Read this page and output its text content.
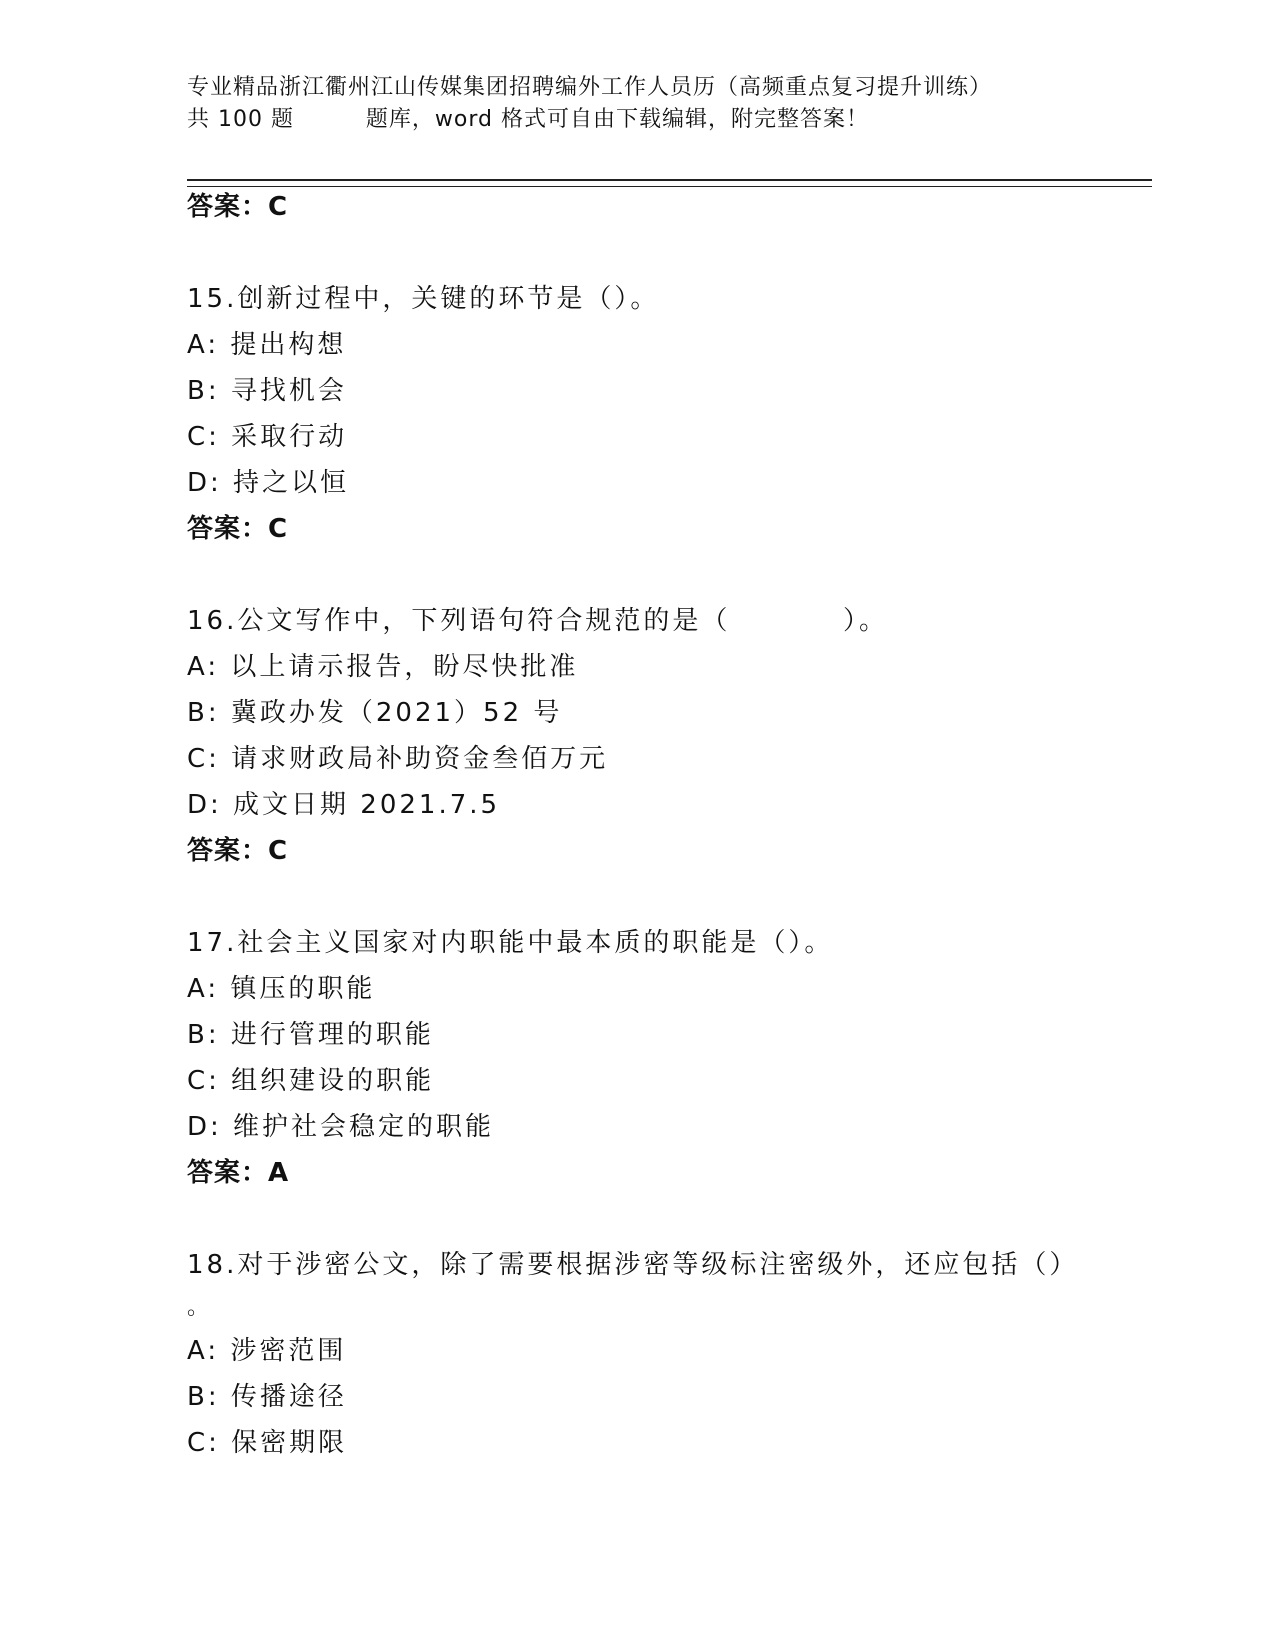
专业精品浙江衢州江山传媒集团招聘编外工作人员历（高频重点复习提升训练）
共 100 题         题库，word 格式可自由下载编辑，附完整答案！
答案：C
15.创新过程中，关键的环节是（）。
A: 提出构想
B: 寻找机会
C: 采取行动
D: 持之以恒
答案：C
16.公文写作中，下列语句符合规范的是（          ）。
A: 以上请示报告，盼尽快批准
B: 冀政办发（2021）52 号
C: 请求财政局补助资金叁佰万元
D: 成文日期 2021.7.5
答案：C
17.社会主义国家对内职能中最本质的职能是（）。
A: 镇压的职能
B: 进行管理的职能
C: 组织建设的职能
D: 维护社会稳定的职能
答案：A
18.对于涉密公文，除了需要根据涉密等级标注密级外，还应包括（）
。
A: 涉密范围
B: 传播途径
C: 保密期限
